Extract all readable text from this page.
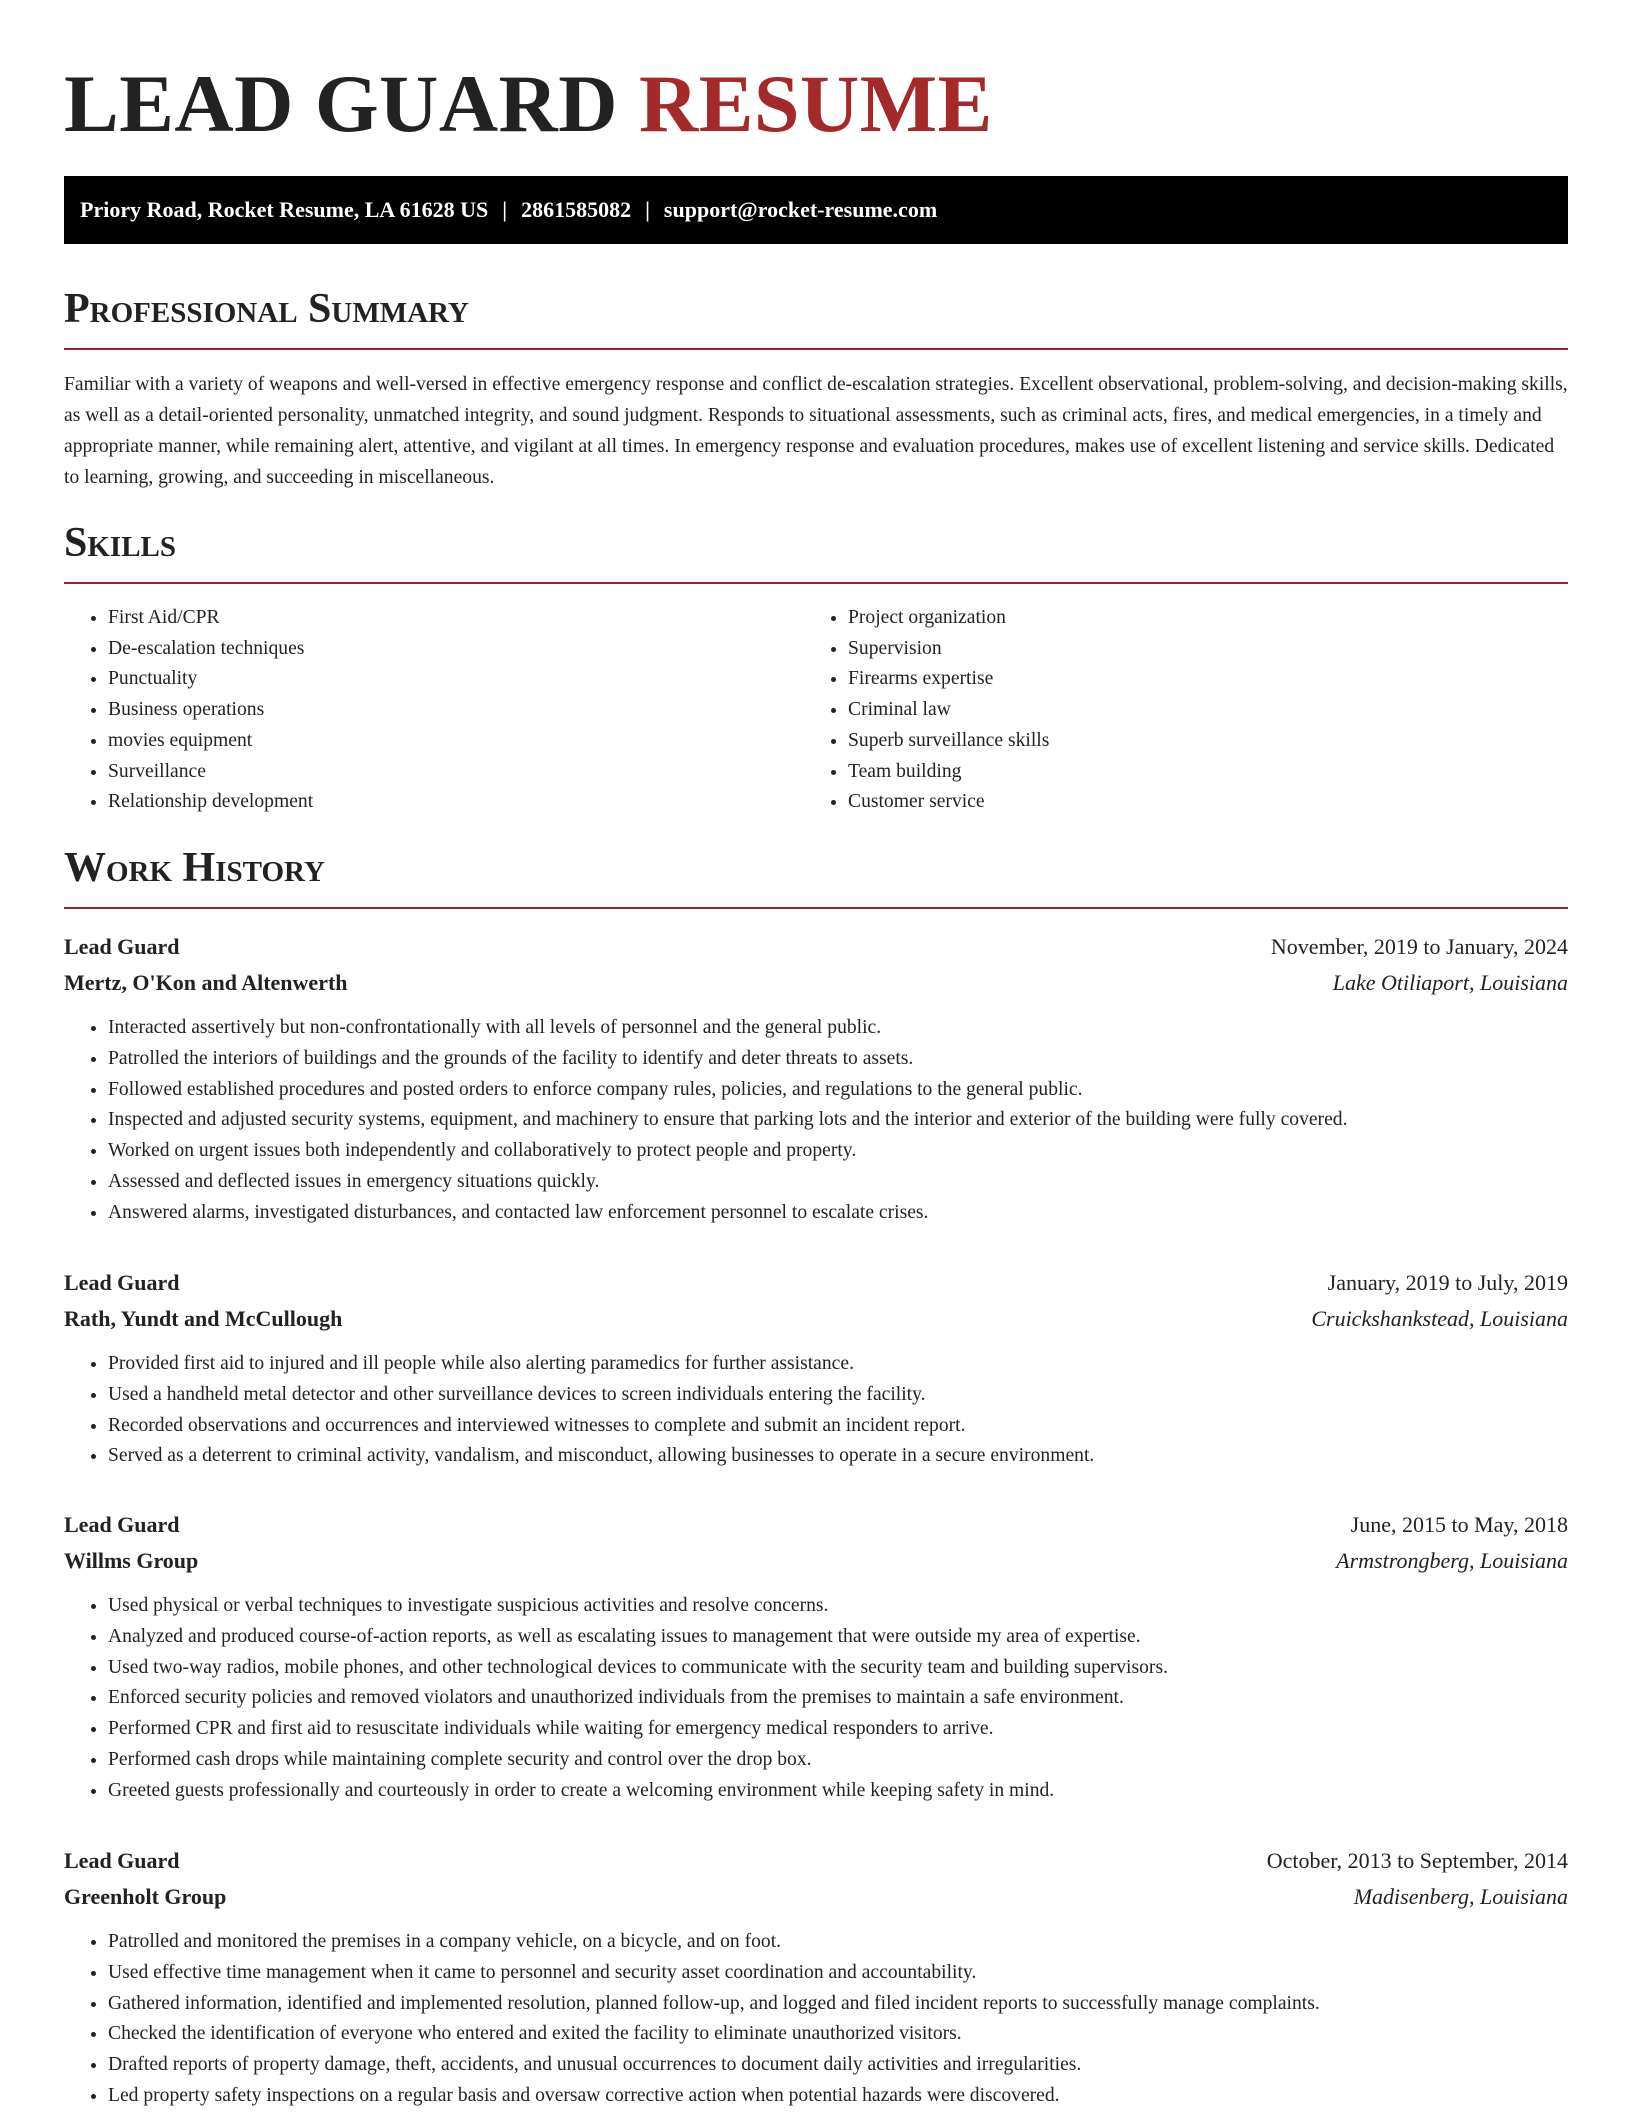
LEAD GUARD RESUME
Priory Road, Rocket Resume, LA 61628 US | 2861585082 | support@rocket-resume.com
Professional Summary

Familiar with a variety of weapons and well-versed in effective emergency response and conflict de-escalation strategies. Excellent observational, problem-solving, and decision-making skills, as well as a detail-oriented personality, unmatched integrity, and sound judgment. Responds to situational assessments, such as criminal acts, fires, and medical emergencies, in a timely and appropriate manner, while remaining alert, attentive, and vigilant at all times. In emergency response and evaluation procedures, makes use of excellent listening and service skills. Dedicated to learning, growing, and succeeding in miscellaneous.

Skills
• First Aid/CPR
• De-escalation techniques
• Punctuality
• Business operations
• movies equipment
• Surveillance
• Relationship development
• Project organization
• Supervision
• Firearms expertise
• Criminal law
• Superb surveillance skills
• Team building
• Customer service
Work History
Lead Guard	November, 2019 to January, 2024
Mertz, O'Kon and Altenwerth	Lake Otiliaport, Louisiana
• Interacted assertively but non-confrontationally with all levels of personnel and the general public.
• Patrolled the interiors of buildings and the grounds of the facility to identify and deter threats to assets.
• Followed established procedures and posted orders to enforce company rules, policies, and regulations to the general public.
• Inspected and adjusted security systems, equipment, and machinery to ensure that parking lots and the interior and exterior of the building were fully covered.
• Worked on urgent issues both independently and collaboratively to protect people and property.
• Assessed and deflected issues in emergency situations quickly.
• Answered alarms, investigated disturbances, and contacted law enforcement personnel to escalate crises.
Lead Guard	January, 2019 to July, 2019
Rath, Yundt and McCullough	Cruickshankstead, Louisiana
• Provided first aid to injured and ill people while also alerting paramedics for further assistance.
• Used a handheld metal detector and other surveillance devices to screen individuals entering the facility.
• Recorded observations and occurrences and interviewed witnesses to complete and submit an incident report.
• Served as a deterrent to criminal activity, vandalism, and misconduct, allowing businesses to operate in a secure environment.
Lead Guard	June, 2015 to May, 2018
Willms Group	Armstrongberg, Louisiana
• Used physical or verbal techniques to investigate suspicious activities and resolve concerns.
• Analyzed and produced course-of-action reports, as well as escalating issues to management that were outside my area of expertise.
• Used two-way radios, mobile phones, and other technological devices to communicate with the security team and building supervisors.
• Enforced security policies and removed violators and unauthorized individuals from the premises to maintain a safe environment.
• Performed CPR and first aid to resuscitate individuals while waiting for emergency medical responders to arrive.
• Performed cash drops while maintaining complete security and control over the drop box.
• Greeted guests professionally and courteously in order to create a welcoming environment while keeping safety in mind.
Lead Guard	October, 2013 to September, 2014
Greenholt Group	Madisenberg, Louisiana
• Patrolled and monitored the premises in a company vehicle, on a bicycle, and on foot.
• Used effective time management when it came to personnel and security asset coordination and accountability.
• Gathered information, identified and implemented resolution, planned follow-up, and logged and filed incident reports to successfully manage complaints.
• Checked the identification of everyone who entered and exited the facility to eliminate unauthorized visitors.
• Drafted reports of property damage, theft, accidents, and unusual occurrences to document daily activities and irregularities.
• Led property safety inspections on a regular basis and oversaw corrective action when potential hazards were discovered.
